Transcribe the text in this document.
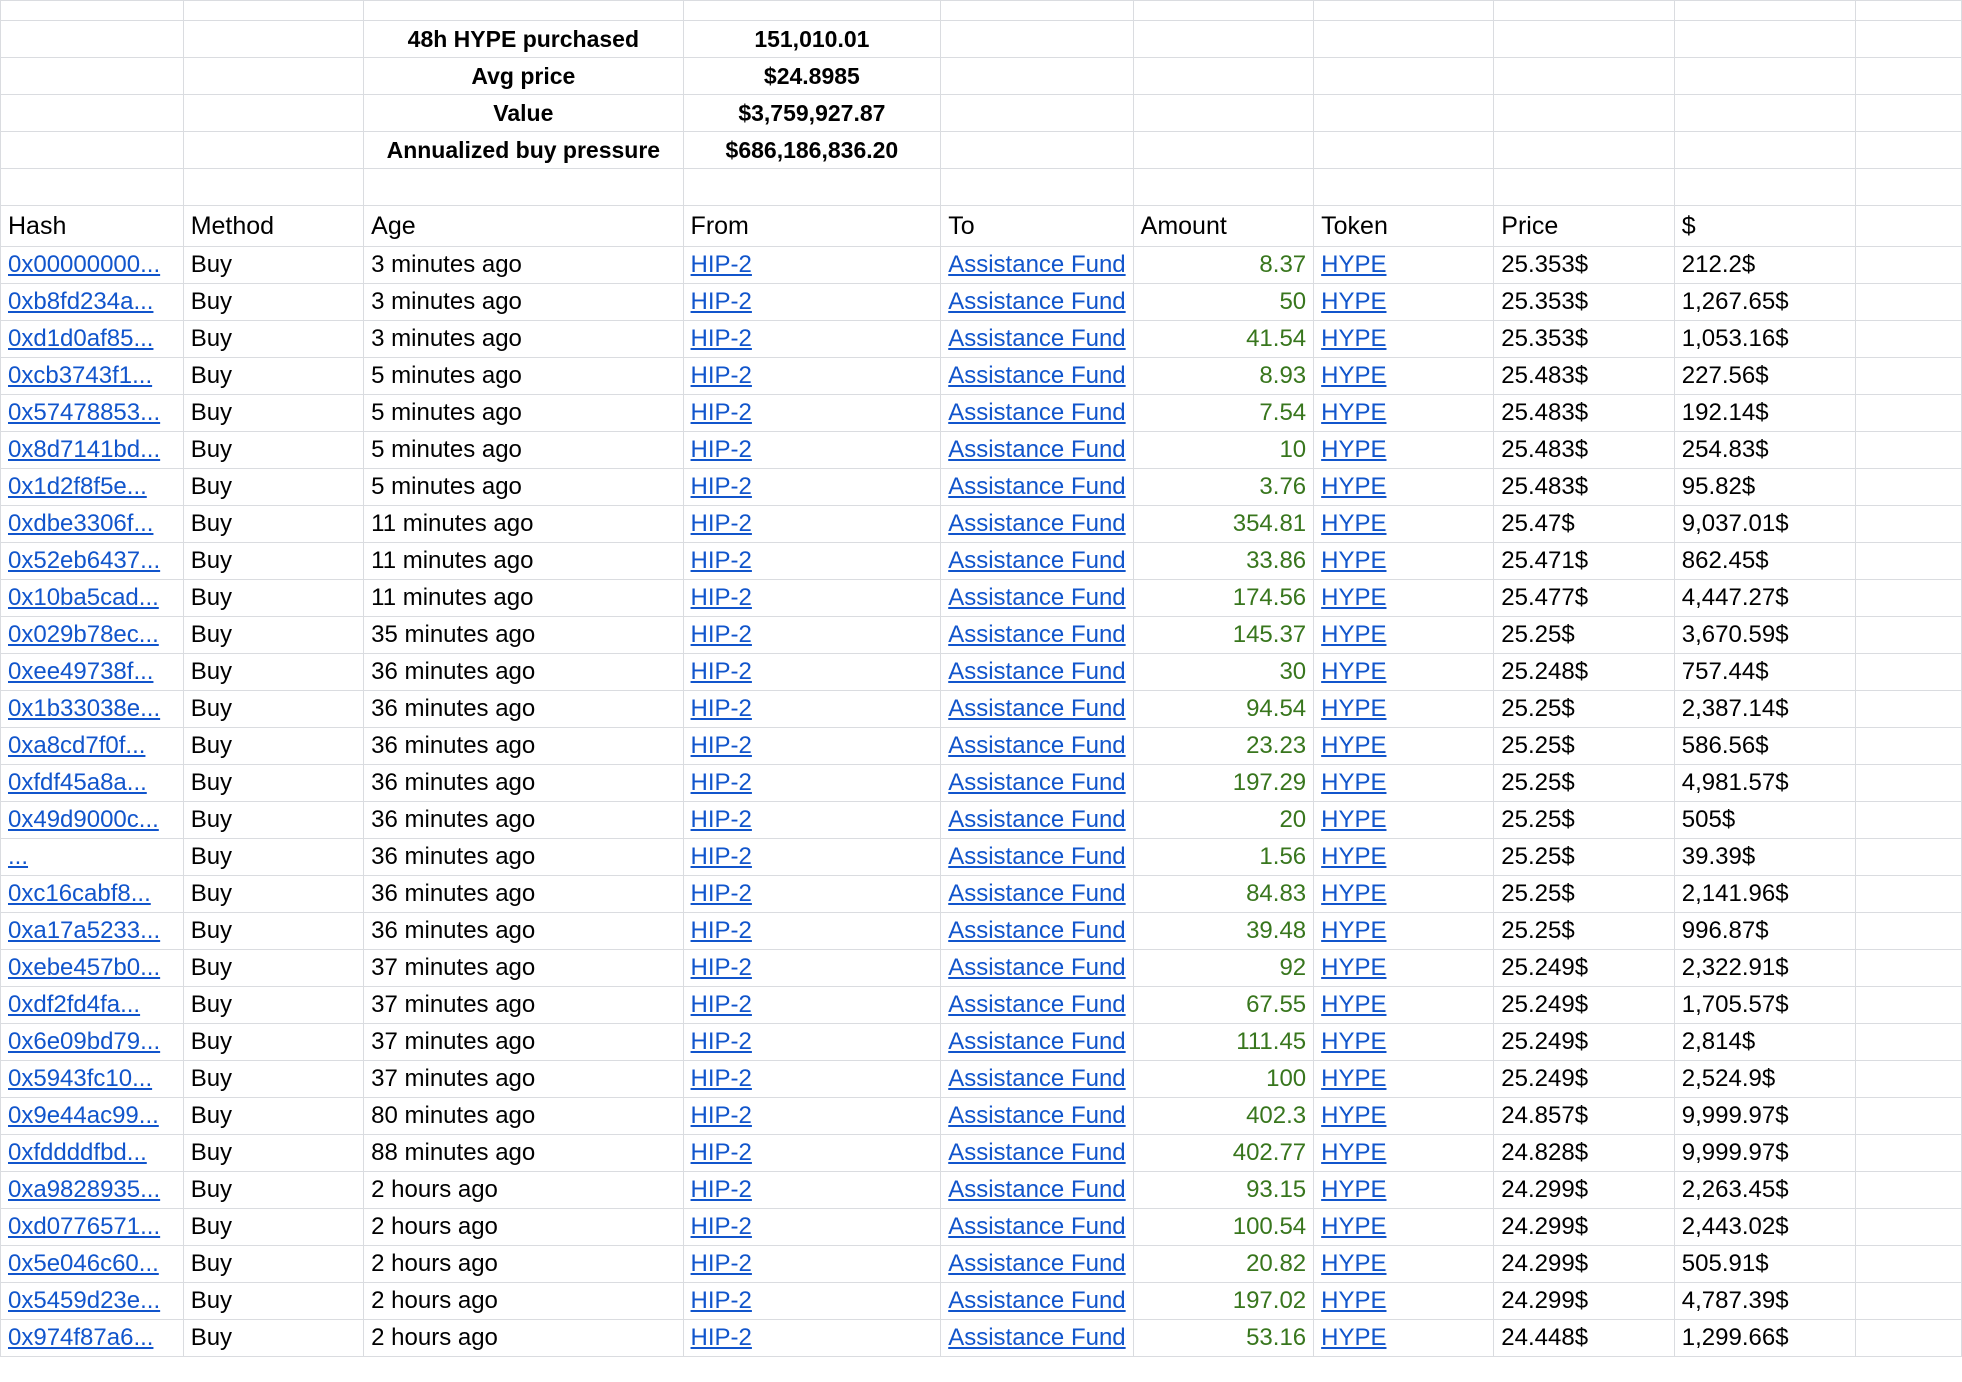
		48h HYPE purchased	151,010.01						
		Avg price	$24.8985						
		Value	$3,759,927.87						
		Annualized buy pressure	$686,186,836.20						

Hash	Method	Age	From	To	Amount	Token	Price	$	
0x00000000...	Buy	3 minutes ago	HIP-2	Assistance Fund	8.37	HYPE	25.353$	212.2$	
0xb8fd234a...	Buy	3 minutes ago	HIP-2	Assistance Fund	50	HYPE	25.353$	1,267.65$	
0xd1d0af85...	Buy	3 minutes ago	HIP-2	Assistance Fund	41.54	HYPE	25.353$	1,053.16$	
0xcb3743f1...	Buy	5 minutes ago	HIP-2	Assistance Fund	8.93	HYPE	25.483$	227.56$	
0x57478853...	Buy	5 minutes ago	HIP-2	Assistance Fund	7.54	HYPE	25.483$	192.14$	
0x8d7141bd...	Buy	5 minutes ago	HIP-2	Assistance Fund	10	HYPE	25.483$	254.83$	
0x1d2f8f5e...	Buy	5 minutes ago	HIP-2	Assistance Fund	3.76	HYPE	25.483$	95.82$	
0xdbe3306f...	Buy	11 minutes ago	HIP-2	Assistance Fund	354.81	HYPE	25.47$	9,037.01$	
0x52eb6437...	Buy	11 minutes ago	HIP-2	Assistance Fund	33.86	HYPE	25.471$	862.45$	
0x10ba5cad...	Buy	11 minutes ago	HIP-2	Assistance Fund	174.56	HYPE	25.477$	4,447.27$	
0x029b78ec...	Buy	35 minutes ago	HIP-2	Assistance Fund	145.37	HYPE	25.25$	3,670.59$	
0xee49738f...	Buy	36 minutes ago	HIP-2	Assistance Fund	30	HYPE	25.248$	757.44$	
0x1b33038e...	Buy	36 minutes ago	HIP-2	Assistance Fund	94.54	HYPE	25.25$	2,387.14$	
0xa8cd7f0f...	Buy	36 minutes ago	HIP-2	Assistance Fund	23.23	HYPE	25.25$	586.56$	
0xfdf45a8a...	Buy	36 minutes ago	HIP-2	Assistance Fund	197.29	HYPE	25.25$	4,981.57$	
0x49d9000c...	Buy	36 minutes ago	HIP-2	Assistance Fund	20	HYPE	25.25$	505$	
...	Buy	36 minutes ago	HIP-2	Assistance Fund	1.56	HYPE	25.25$	39.39$	
0xc16cabf8...	Buy	36 minutes ago	HIP-2	Assistance Fund	84.83	HYPE	25.25$	2,141.96$	
0xa17a5233...	Buy	36 minutes ago	HIP-2	Assistance Fund	39.48	HYPE	25.25$	996.87$	
0xebe457b0...	Buy	37 minutes ago	HIP-2	Assistance Fund	92	HYPE	25.249$	2,322.91$	
0xdf2fd4fa...	Buy	37 minutes ago	HIP-2	Assistance Fund	67.55	HYPE	25.249$	1,705.57$	
0x6e09bd79...	Buy	37 minutes ago	HIP-2	Assistance Fund	111.45	HYPE	25.249$	2,814$	
0x5943fc10...	Buy	37 minutes ago	HIP-2	Assistance Fund	100	HYPE	25.249$	2,524.9$	
0x9e44ac99...	Buy	80 minutes ago	HIP-2	Assistance Fund	402.3	HYPE	24.857$	9,999.97$	
0xfddddfbd...	Buy	88 minutes ago	HIP-2	Assistance Fund	402.77	HYPE	24.828$	9,999.97$	
0xa9828935...	Buy	2 hours ago	HIP-2	Assistance Fund	93.15	HYPE	24.299$	2,263.45$	
0xd0776571...	Buy	2 hours ago	HIP-2	Assistance Fund	100.54	HYPE	24.299$	2,443.02$	
0x5e046c60...	Buy	2 hours ago	HIP-2	Assistance Fund	20.82	HYPE	24.299$	505.91$	
0x5459d23e...	Buy	2 hours ago	HIP-2	Assistance Fund	197.02	HYPE	24.299$	4,787.39$	
0x974f87a6...	Buy	2 hours ago	HIP-2	Assistance Fund	53.16	HYPE	24.448$	1,299.66$	
